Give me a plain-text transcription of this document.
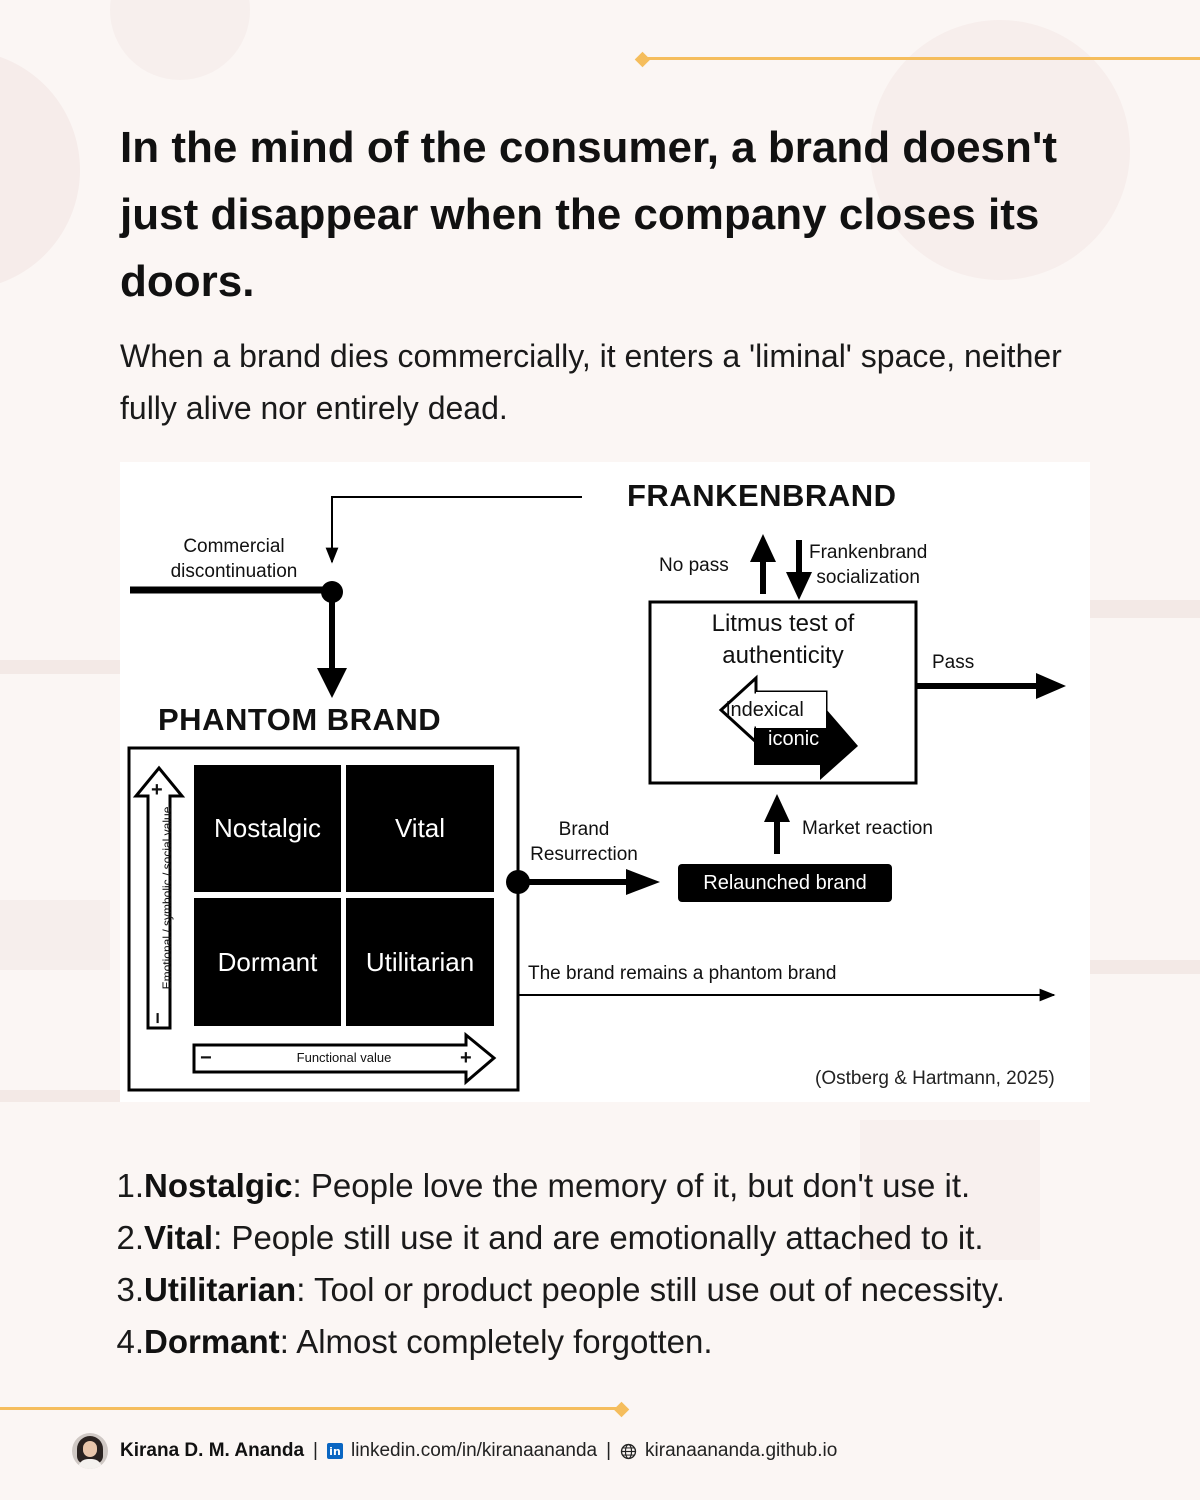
In the mind of the consumer, a brand doesn't just disappear when the company closes its doors.

When a brand dies commercially, it enters a 'liminal' space, neither fully alive nor entirely dead.

Commercial
discontinuation
PHANTOM BRAND
Nostalgic	Vital
Dormant	Utilitarian
Emotional / symbolic / social value
+
−
Functional value
−	+
Brand
Resurrection
Relaunched brand
Market reaction
Litmus test of
authenticity
indexical
iconic
FRANKENBRAND
No pass
Frankenbrand
socialization
Pass
The brand remains a phantom brand
(Ostberg & Hartmann, 2025)
1. Nostalgic : People love the memory of it, but don't use it.
2. Vital : People still use it and are emotionally attached to it.
3. Utilitarian : Tool or product people still use out of necessity.
4. Dormant : Almost completely forgotten.
Kirana D. M. Ananda | in linkedin.com/in/kiranaananda | kiranaananda.github.io
